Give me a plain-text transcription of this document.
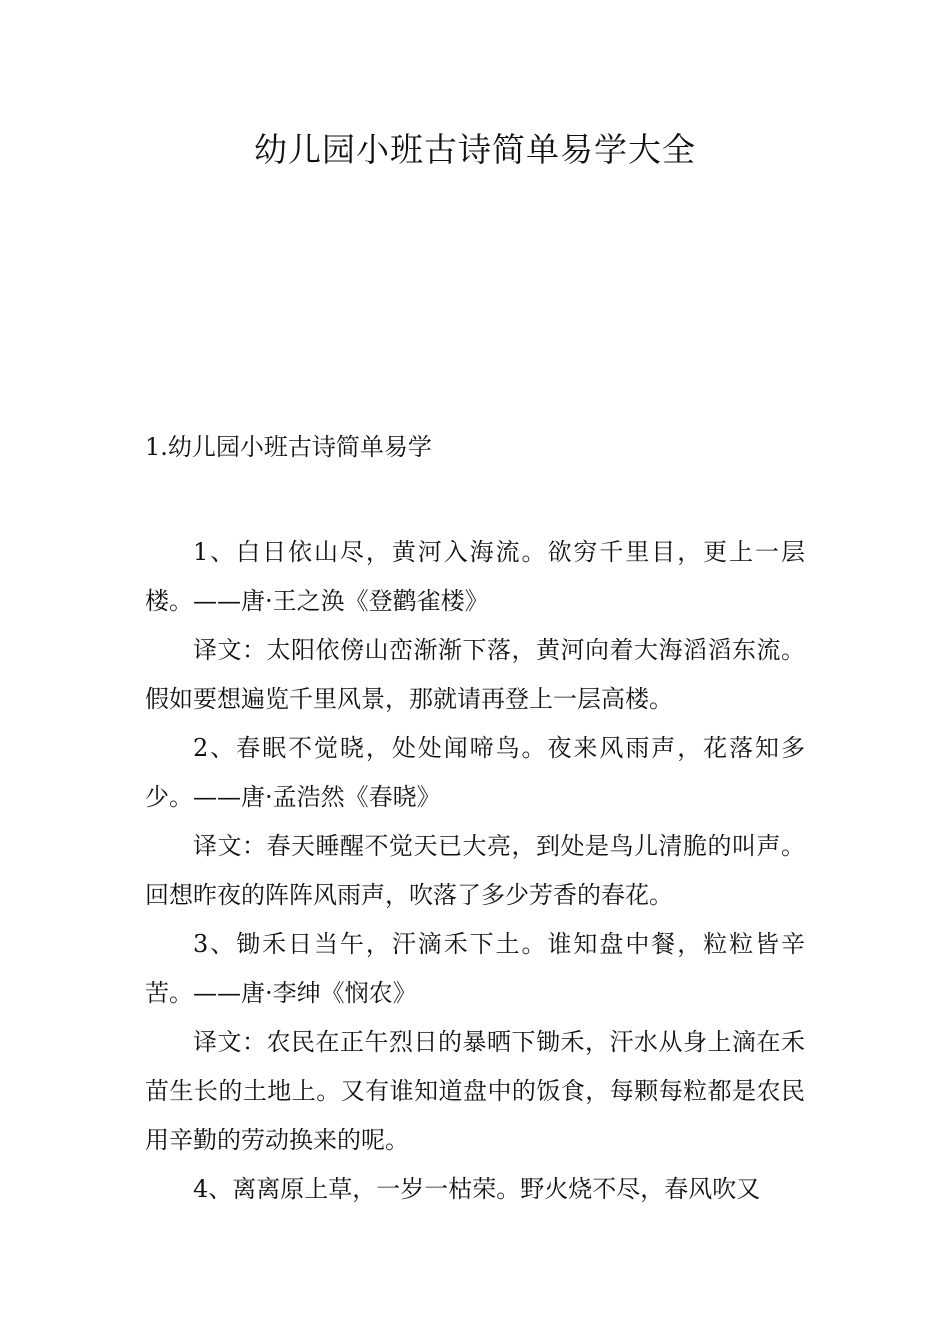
幼儿园小班古诗简单易学大全
1.幼儿园小班古诗简单易学

1、白日依山尽，黄河入海流。欲穷千里目，更上一层楼。——唐·王之涣《登鹳雀楼》

译文：太阳依傍山峦渐渐下落，黄河向着大海滔滔东流。假如要想遍览千里风景，那就请再登上一层高楼。

2、春眠不觉晓，处处闻啼鸟。夜来风雨声，花落知多少。——唐·孟浩然《春晓》

译文：春天睡醒不觉天已大亮，到处是鸟儿清脆的叫声。回想昨夜的阵阵风雨声，吹落了多少芳香的春花。

3、锄禾日当午，汗滴禾下土。谁知盘中餐，粒粒皆辛苦。——唐·李绅《悯农》

译文：农民在正午烈日的暴晒下锄禾，汗水从身上滴在禾苗生长的土地上。又有谁知道盘中的饭食，每颗每粒都是农民用辛勤的劳动换来的呢。

4、离离原上草，一岁一枯荣。野火烧不尽，春风吹又
